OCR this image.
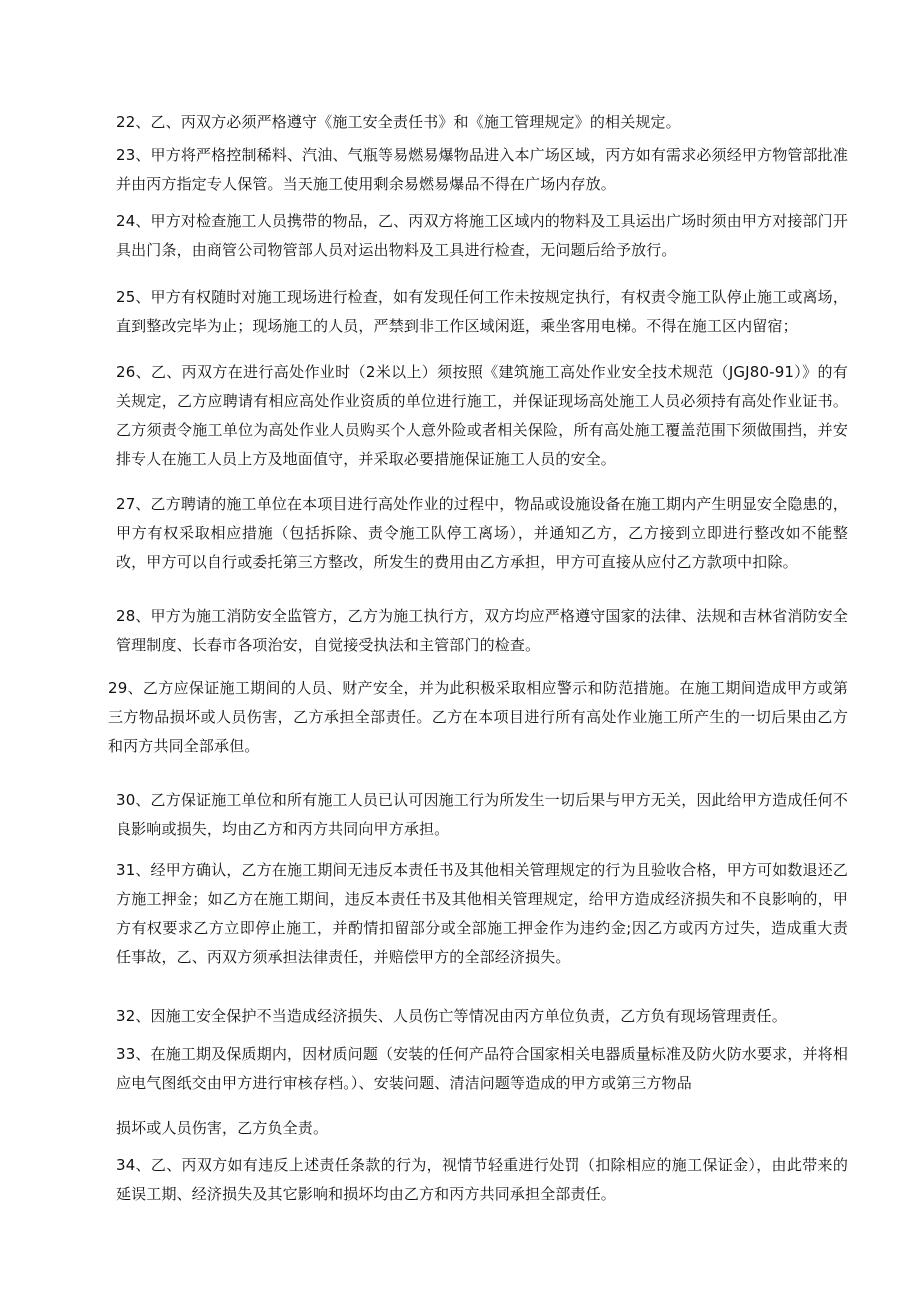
22、乙、丙双方必须严格遵守《施工安全责任书》和《施工管理规定》的相关规定。

23、甲方将严格控制稀料、汽油、气瓶等易燃易爆物品进入本广场区域，丙方如有需求必须经甲方物管部批准并由丙方指定专人保管。当天施工使用剩余易燃易爆品不得在广场内存放。

24、甲方对检查施工人员携带的物品，乙、丙双方将施工区域内的物料及工具运出广场时须由甲方对接部门开具出门条，由商管公司物管部人员对运出物料及工具进行检查，无问题后给予放行。

25、甲方有权随时对施工现场进行检查，如有发现任何工作未按规定执行，有权责令施工队停止施工或离场，直到整改完毕为止；现场施工的人员，严禁到非工作区域闲逛，乘坐客用电梯。不得在施工区内留宿；

26、乙、丙双方在进行高处作业时（2米以上）须按照《建筑施工高处作业安全技术规范（JGJ80-91）》的有关规定，乙方应聘请有相应高处作业资质的单位进行施工，并保证现场高处施工人员必须持有高处作业证书。乙方须责令施工单位为高处作业人员购买个人意外险或者相关保险，所有高处施工覆盖范围下须做围挡，并安排专人在施工人员上方及地面值守，并采取必要措施保证施工人员的安全。

27、乙方聘请的施工单位在本项目进行高处作业的过程中，物品或设施设备在施工期内产生明显安全隐患的，甲方有权采取相应措施（包括拆除、责令施工队停工离场），并通知乙方，乙方接到立即进行整改如不能整改，甲方可以自行或委托第三方整改，所发生的费用由乙方承担，甲方可直接从应付乙方款项中扣除。

28、甲方为施工消防安全监管方，乙方为施工执行方，双方均应严格遵守国家的法律、法规和吉林省消防安全管理制度、长春市各项治安，自觉接受执法和主管部门的检查。

29、乙方应保证施工期间的人员、财产安全，并为此积极采取相应警示和防范措施。在施工期间造成甲方或第三方物品损坏或人员伤害，乙方承担全部责任。乙方在本项目进行所有高处作业施工所产生的一切后果由乙方和丙方共同全部承但。

30、乙方保证施工单位和所有施工人员已认可因施工行为所发生一切后果与甲方无关，因此给甲方造成任何不良影响或损失，均由乙方和丙方共同向甲方承担。

31、经甲方确认，乙方在施工期间无违反本责任书及其他相关管理规定的行为且验收合格，甲方可如数退还乙方施工押金；如乙方在施工期间，违反本责任书及其他相关管理规定，给甲方造成经济损失和不良影响的，甲方有权要求乙方立即停止施工，并酌情扣留部分或全部施工押金作为违约金;因乙方或丙方过失，造成重大责任事故，乙、丙双方须承担法律责任，并赔偿甲方的全部经济损失。

32、因施工安全保护不当造成经济损失、人员伤亡等情况由丙方单位负责，乙方负有现场管理责任。

33、在施工期及保质期内，因材质问题（安装的任何产品符合国家相关电器质量标准及防火防水要求，并将相应电气图纸交由甲方进行审核存档。）、安装问题、清洁问题等造成的甲方或第三方物品

损坏或人员伤害，乙方负全责。

34、乙、丙双方如有违反上述责任条款的行为，视情节轻重进行处罚（扣除相应的施工保证金），由此带来的延误工期、经济损失及其它影响和损坏均由乙方和丙方共同承担全部责任。
